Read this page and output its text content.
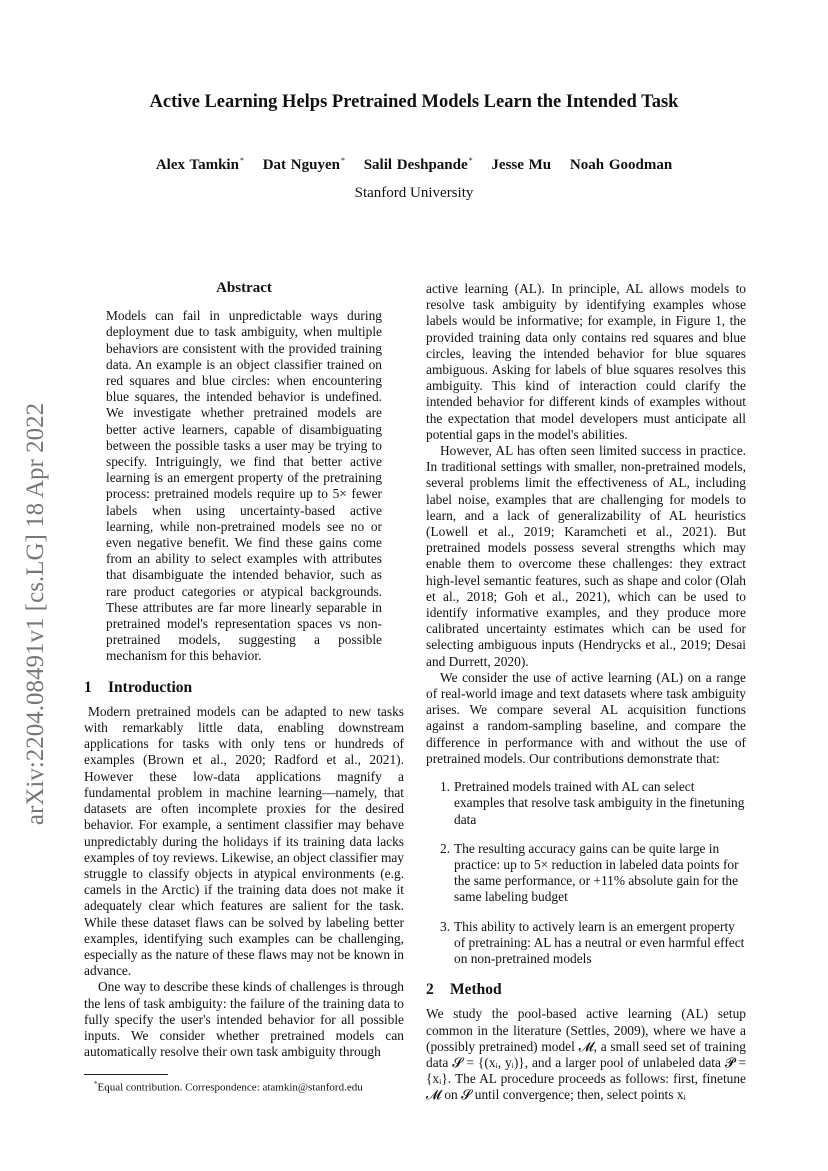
Active Learning Helps Pretrained Models Learn the Intended Task
Alex Tamkin* Dat Nguyen* Salil Deshpande* Jesse Mu Noah Goodman
Stanford University
arXiv:2204.08491v1 [cs.LG] 18 Apr 2022
Abstract

Models can fail in unpredictable ways during deployment due to task ambiguity, when multiple behaviors are consistent with the provided training data. An example is an object classifier trained on red squares and blue circles: when encountering blue squares, the intended behavior is undefined. We investigate whether pretrained models are better active learners, capable of disambiguating between the possible tasks a user may be trying to specify. Intriguingly, we find that better active learning is an emergent property of the pretraining process: pretrained models require up to 5× fewer labels when using uncertainty-based active learning, while non-pretrained models see no or even negative benefit. We find these gains come from an ability to select examples with attributes that disambiguate the intended behavior, such as rare product categories or atypical backgrounds. These attributes are far more linearly separable in pretrained model's representation spaces vs non-pretrained models, suggesting a possible mechanism for this behavior.

1 Introduction

Modern pretrained models can be adapted to new tasks with remarkably little data, enabling downstream applications for tasks with only tens or hundreds of examples (Brown et al., 2020; Radford et al., 2021). However these low-data applications magnify a fundamental problem in machine learning—namely, that datasets are often incomplete proxies for the desired behavior. For example, a sentiment classifier may behave unpredictably during the holidays if its training data lacks examples of toy reviews. Likewise, an object classifier may struggle to classify objects in atypical environments (e.g. camels in the Arctic) if the training data does not make it adequately clear which features are salient for the task. While these dataset flaws can be solved by labeling better examples, identifying such examples can be challenging, especially as the nature of these flaws may not be known in advance.

One way to describe these kinds of challenges is through the lens of task ambiguity: the failure of the training data to fully specify the user's intended behavior for all possible inputs. We consider whether pretrained models can automatically resolve their own task ambiguity through

*Equal contribution. Correspondence: atamkin@stanford.edu

active learning (AL). In principle, AL allows models to resolve task ambiguity by identifying examples whose labels would be informative; for example, in Figure 1, the provided training data only contains red squares and blue circles, leaving the intended behavior for blue squares ambiguous. Asking for labels of blue squares resolves this ambiguity. This kind of interaction could clarify the intended behavior for different kinds of examples without the expectation that model developers must anticipate all potential gaps in the model's abilities.

However, AL has often seen limited success in practice. In traditional settings with smaller, non-pretrained models, several problems limit the effectiveness of AL, including label noise, examples that are challenging for models to learn, and a lack of generalizability of AL heuristics (Lowell et al., 2019; Karamcheti et al., 2021). But pretrained models possess several strengths which may enable them to overcome these challenges: they extract high-level semantic features, such as shape and color (Olah et al., 2018; Goh et al., 2021), which can be used to identify informative examples, and they produce more calibrated uncertainty estimates which can be used for selecting ambiguous inputs (Hendrycks et al., 2019; Desai and Durrett, 2020).

We consider the use of active learning (AL) on a range of real-world image and text datasets where task ambiguity arises. We compare several AL acquisition functions against a random-sampling baseline, and compare the difference in performance with and without the use of pretrained models. Our contributions demonstrate that:

1. Pretrained models trained with AL can select examples that resolve task ambiguity in the finetuning data
2. The resulting accuracy gains can be quite large in practice: up to 5× reduction in labeled data points for the same performance, or +11% absolute gain for the same labeling budget
3. This ability to actively learn is an emergent property of pretraining: AL has a neutral or even harmful effect on non-pretrained models
2 Method

We study the pool-based active learning (AL) setup common in the literature (Settles, 2009), where we have a (possibly pretrained) model 𝓜, a small seed set of training data 𝓢 = {(xᵢ, yᵢ)}, and a larger pool of unlabeled data 𝓟 = {xᵢ}. The AL procedure proceeds as follows: first, finetune 𝓜 on 𝓢 until convergence; then, select points xᵢ
